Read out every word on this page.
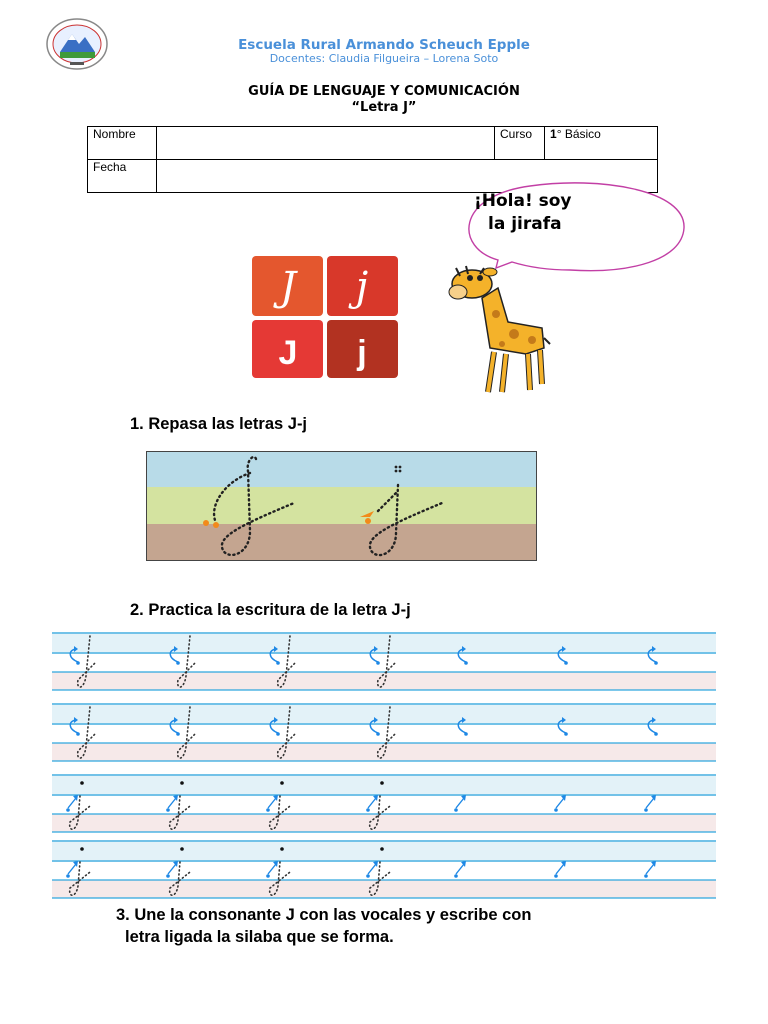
Escuela Rural Armando Scheuch Epple
Docentes: Claudia Filgueira – Lorena Soto
GUÍA DE LENGUAJE Y COMUNICACIÓN
“Letra J”
Nombre		Curso	1° Básico
Fecha			
¡Hola! soy
la jirafa
J j
J j
1. Repasa las letras J-j
2. Practica la escritura de la letra J-j
3. Une la consonante J con las vocales y escribe con
letra ligada la silaba que se forma.
